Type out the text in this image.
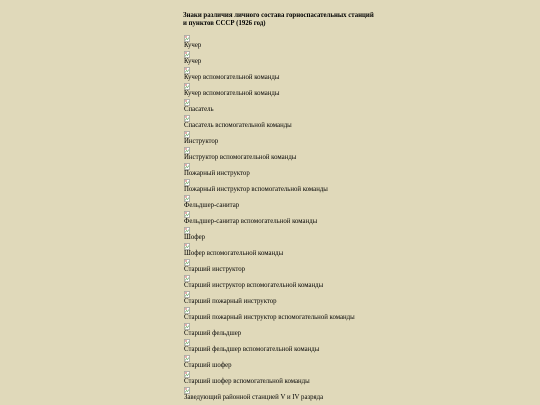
Знаки различия личного состава горноспасательных станций
и пунктов СССР (1926 год)
Кучер
Кучер
Кучер вспомогательной команды
Кучер вспомогательной команды
Спасатель
Спасатель вспомогательной команды
Инструктор
Инструктор вспомогательной команды
Пожарный инструктор
Пожарный инструктор вспомогательной команды
Фельдшер-санитар
Фельдшер-санитар вспомогательной команды
Шофер
Шофер вспомогательной команды
Старший инструктор
Старший инструктор вспомогательной команды
Старший пожарный инструктор
Старший пожарный инструктор вспомогательной команды
Старший фельдшер
Старший фельдшер вспомогательной команды
Старший шофер
Старший шофер вспомогательной команды
Заведующий районной станцией V и IV разряда
